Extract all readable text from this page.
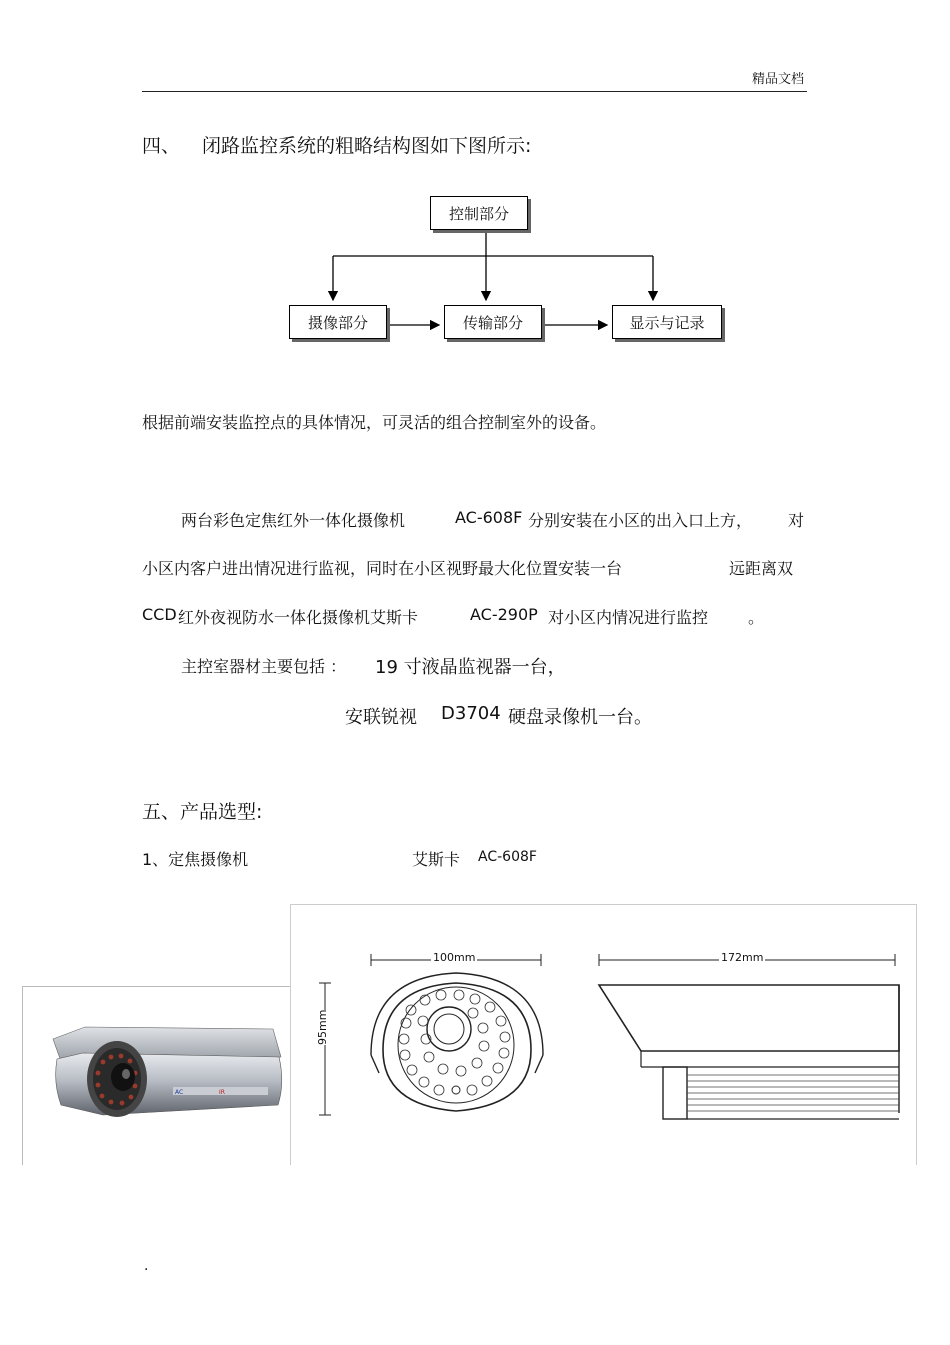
精品文档
四、 闭路监控系统的粗略结构图如下图所示:
控制部分
摄像部分	传输部分	显示与记录
根据前端安装监控点的具体情况，可灵活的组合控制室外的设备。
两台彩色定焦红外一体化摄像机	AC-608F 分别安装在小区的出入口上方， 对
小区内客户进出情况进行监视，同时在小区视野最大化位置安装一台	远距离双
CCD 红外夜视防水一体化摄像机艾斯卡	AC-290P 对小区内情况进行监控 。
主控室器材主要包括 ： 19 寸液晶监视器一台，
安联锐视 D3704 硬盘录像机一台。
五、产品选型:
1、定焦摄像机	艾斯卡 AC-608F
AC	IR
100mm
95mm
172mm
.
